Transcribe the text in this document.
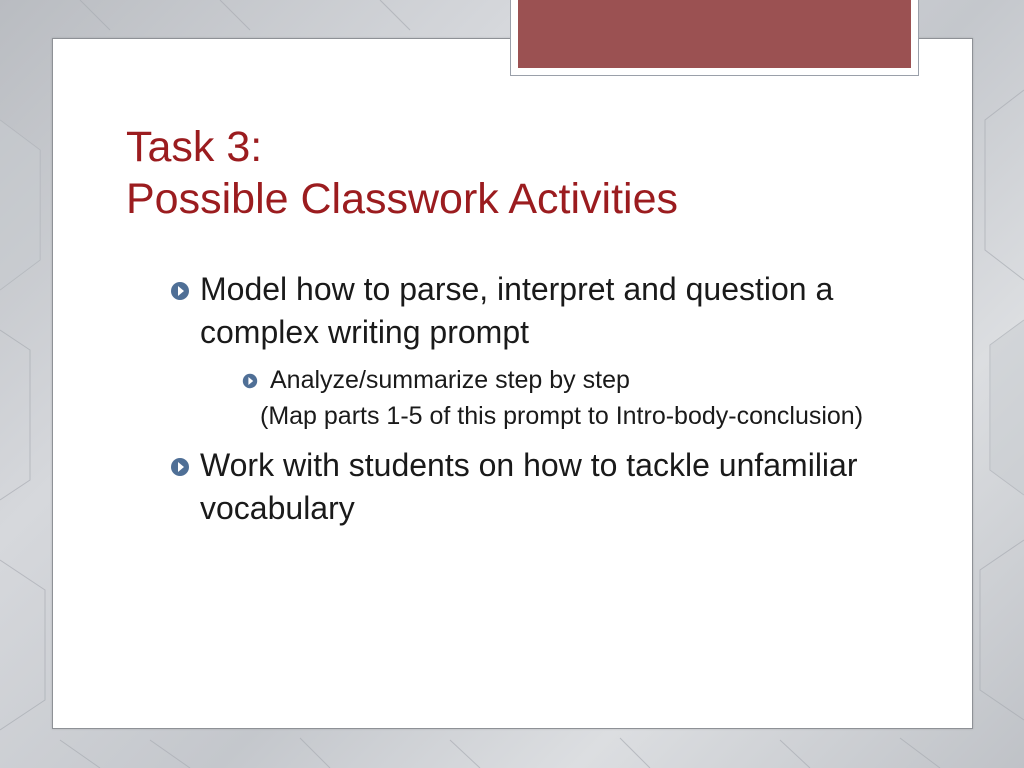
Task 3:
Possible Classwork Activities
Model how to parse, interpret and question a complex writing prompt
Analyze/summarize step by step
(Map parts 1-5 of this prompt to Intro-body-conclusion)
Work with students on how to tackle unfamiliar vocabulary
